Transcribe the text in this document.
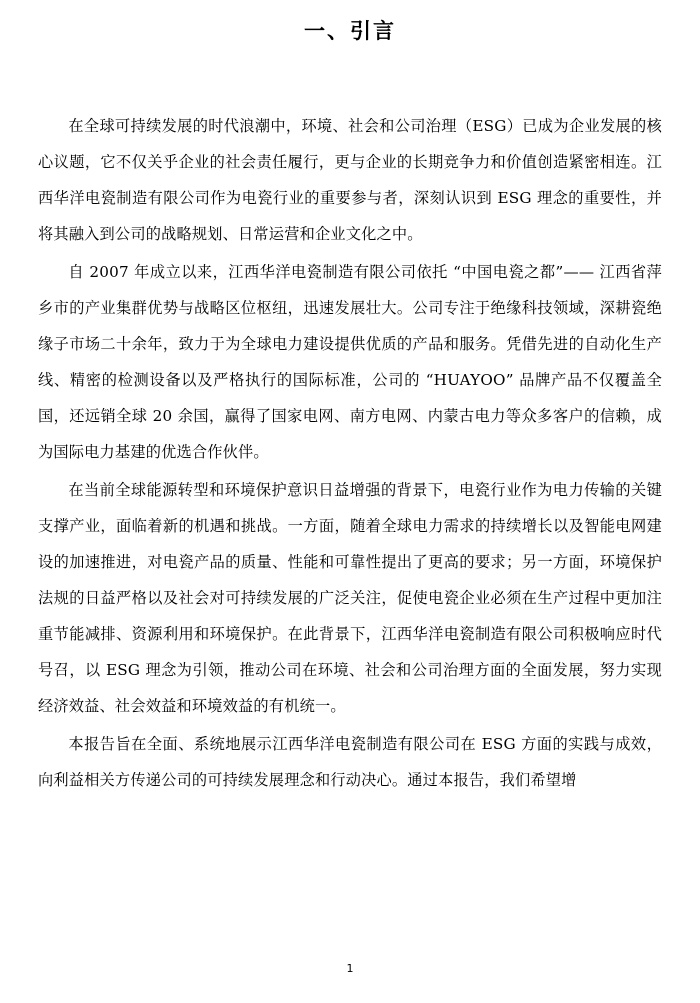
一、引言

在全球可持续发展的时代浪潮中，环境、社会和公司治理（ESG）已成为企业发展的核心议题，它不仅关乎企业的社会责任履行，更与企业的长期竞争力和价值创造紧密相连。江西华洋电瓷制造有限公司作为电瓷行业的重要参与者，深刻认识到 ESG 理念的重要性，并将其融入到公司的战略规划、日常运营和企业文化之中。

自 2007 年成立以来，江西华洋电瓷制造有限公司依托 “中国电瓷之都”—— 江西省萍乡市的产业集群优势与战略区位枢纽，迅速发展壮大。公司专注于绝缘科技领域，深耕瓷绝缘子市场二十余年，致力于为全球电力建设提供优质的产品和服务。凭借先进的自动化生产线、精密的检测设备以及严格执行的国际标准，公司的 “HUAYOO” 品牌产品不仅覆盖全国，还远销全球 20 余国，赢得了国家电网、南方电网、内蒙古电力等众多客户的信赖，成为国际电力基建的优选合作伙伴。

在当前全球能源转型和环境保护意识日益增强的背景下，电瓷行业作为电力传输的关键支撑产业，面临着新的机遇和挑战。一方面，随着全球电力需求的持续增长以及智能电网建设的加速推进，对电瓷产品的质量、性能和可靠性提出了更高的要求；另一方面，环境保护法规的日益严格以及社会对可持续发展的广泛关注，促使电瓷企业必须在生产过程中更加注重节能减排、资源利用和环境保护。在此背景下，江西华洋电瓷制造有限公司积极响应时代号召，以 ESG 理念为引领，推动公司在环境、社会和公司治理方面的全面发展，努力实现经济效益、社会效益和环境效益的有机统一。

本报告旨在全面、系统地展示江西华洋电瓷制造有限公司在 ESG 方面的实践与成效，向利益相关方传递公司的可持续发展理念和行动决心。通过本报告，我们希望增

1
